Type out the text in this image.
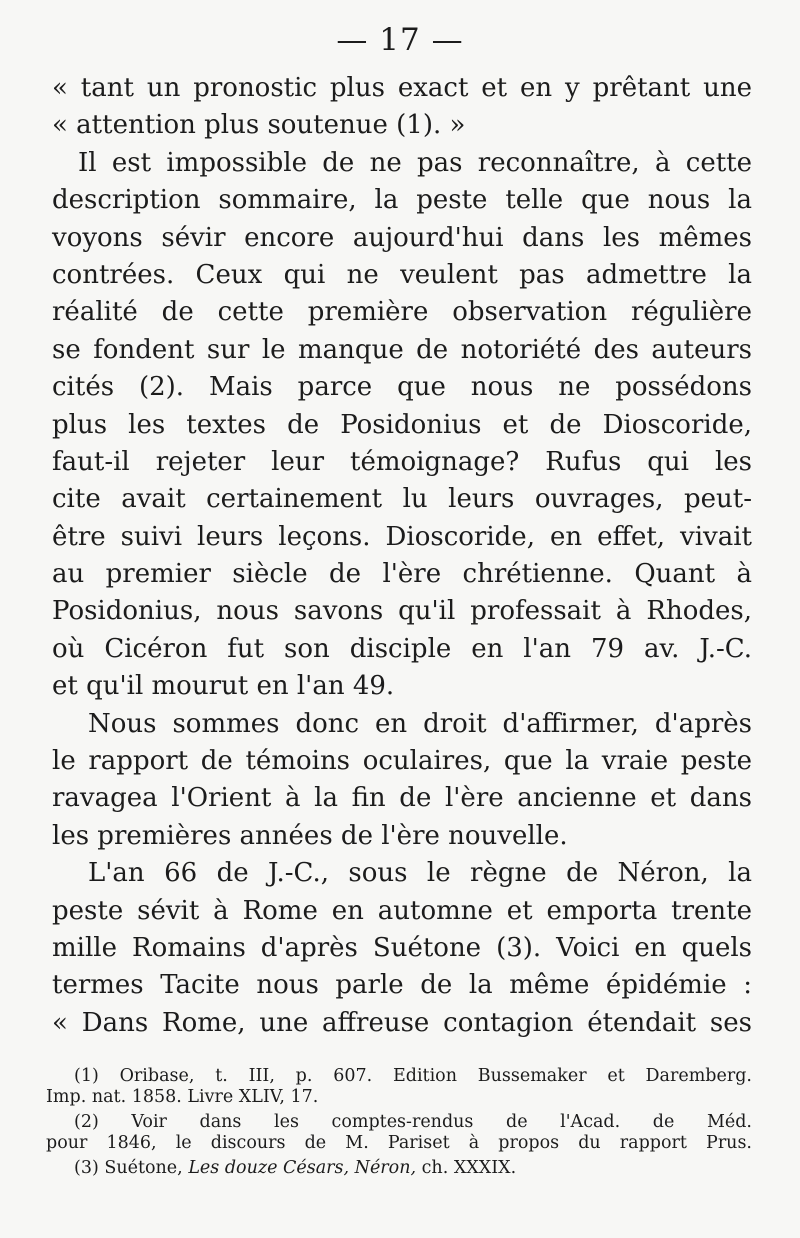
— 17 —
« tant un pronostic plus exact et en y prêtant une
« attention plus soutenue (1). »
Il est impossible de ne pas reconnaître, à cette
description sommaire, la peste telle que nous la
voyons sévir encore aujourd'hui dans les mêmes
contrées. Ceux qui ne veulent pas admettre la
réalité de cette première observation régulière
se fondent sur le manque de notoriété des auteurs
cités (2). Mais parce que nous ne possédons
plus les textes de Posidonius et de Dioscoride,
faut-il rejeter leur témoignage? Rufus qui les
cite avait certainement lu leurs ouvrages, peut-
être suivi leurs leçons. Dioscoride, en effet, vivait
au premier siècle de l'ère chrétienne. Quant à
Posidonius, nous savons qu'il professait à Rhodes,
où Cicéron fut son disciple en l'an 79 av. J.-C.
et qu'il mourut en l'an 49.
Nous sommes donc en droit d'affirmer, d'après
le rapport de témoins oculaires, que la vraie peste
ravagea l'Orient à la fin de l'ère ancienne et dans
les premières années de l'ère nouvelle.
L'an 66 de J.-C., sous le règne de Néron, la
peste sévit à Rome en automne et emporta trente
mille Romains d'après Suétone (3). Voici en quels
termes Tacite nous parle de la même épidémie :
« Dans Rome, une affreuse contagion étendait ses
(1) Oribase, t. III, p. 607. Edition Bussemaker et Daremberg.
Imp. nat. 1858. Livre XLIV, 17.
(2) Voir dans les comptes-rendus de l'Acad. de Méd.
pour 1846, le discours de M. Pariset à propos du rapport Prus.
(3) Suétone, Les douze Césars, Néron, ch. XXXIX.
